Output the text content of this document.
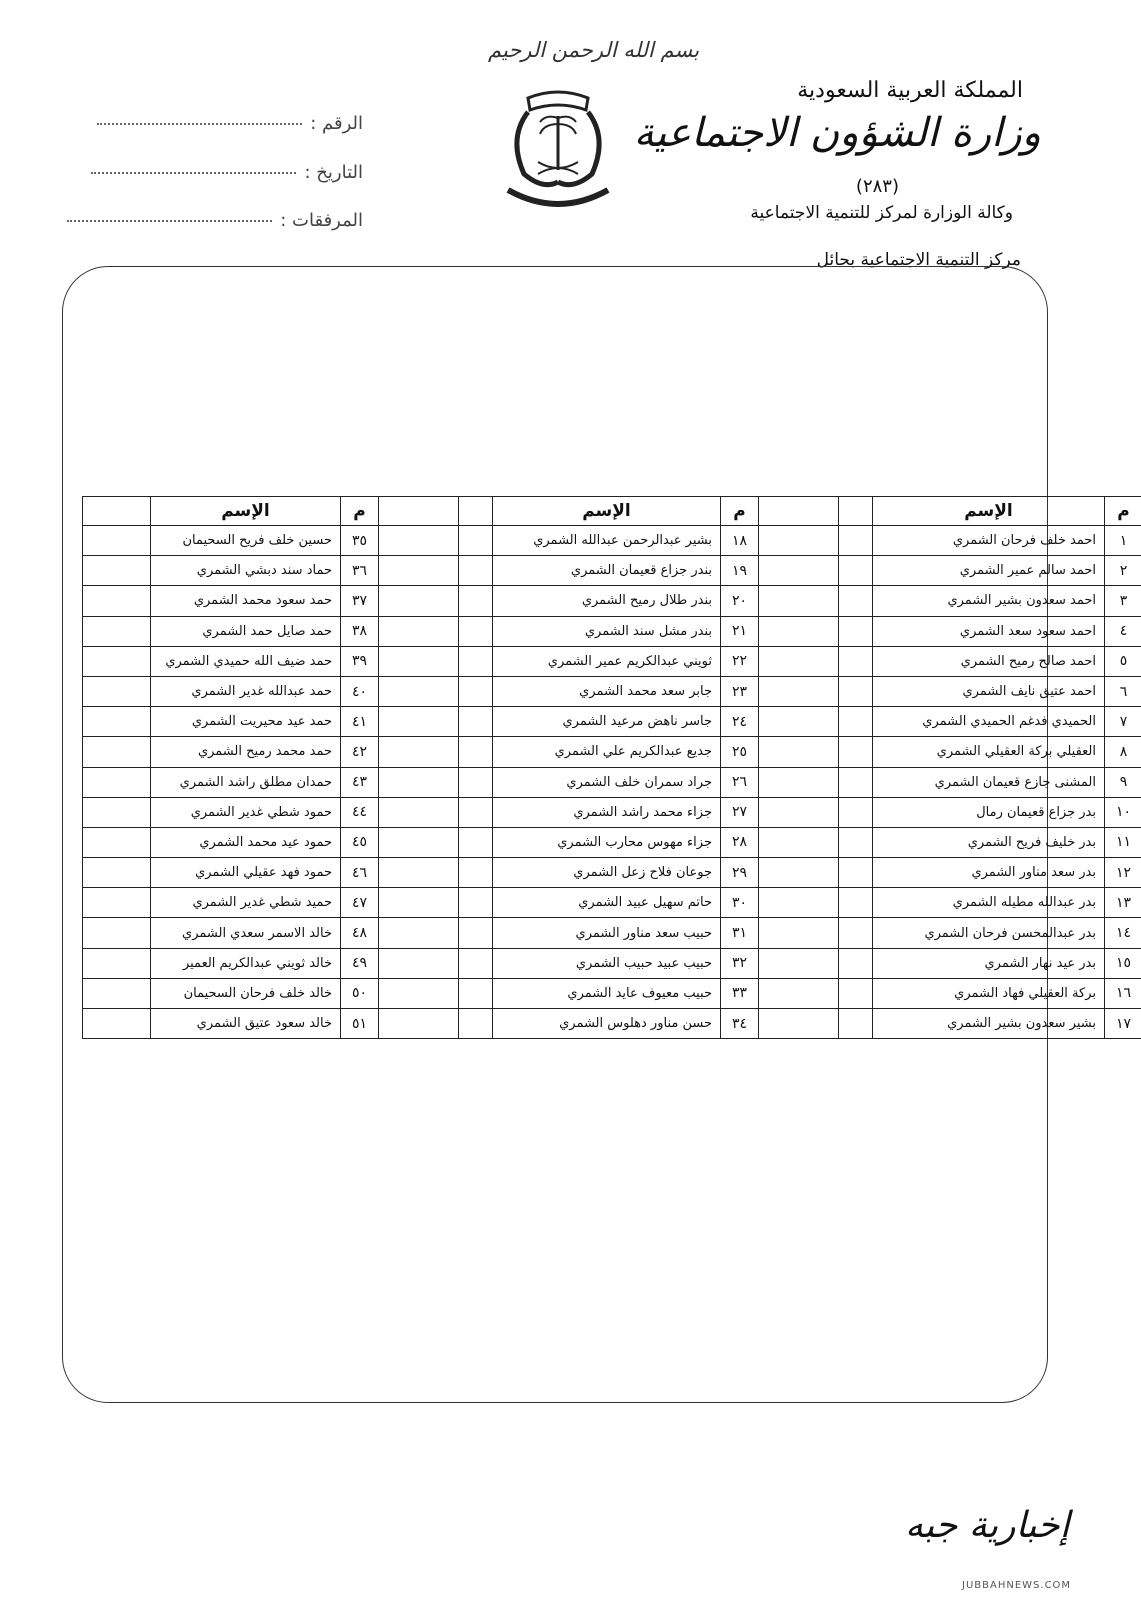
المملكة العربية السعودية
وزارة الشؤون الاجتماعية
(٢٨٣)
وكالة الوزارة لمركز للتنمية الاجتماعية
مركز التنمية الاجتماعية بحائل
الرقم :
التاريخ :
المرفقات :
بسم الله الرحمن الرحيم
م	الإسم			م	الإسم			م	الإسم	
١	احمد خلف فرحان الشمري			١٨	بشير عبدالرحمن عبدالله الشمري			٣٥	حسين خلف فريح السحيمان	
٢	احمد سالم عمير الشمري			١٩	بندر جزاع قعيمان الشمري			٣٦	حماد سند دبشي الشمري	
٣	احمد سعدون بشير الشمري			٢٠	بندر طلال رميح الشمري			٣٧	حمد سعود محمد الشمري	
٤	احمد سعود سعد الشمري			٢١	بندر مشل سند الشمري			٣٨	حمد صايل حمد الشمري	
٥	احمد صالح رميح الشمري			٢٢	ثويني عبدالكريم عمير الشمري			٣٩	حمد ضيف الله حميدي الشمري	
٦	احمد عتيق نايف الشمري			٢٣	جابر سعد محمد الشمري			٤٠	حمد عبدالله غدير الشمري	
٧	الحميدي فدغم الحميدي الشمري			٢٤	جاسر ناهض مرعيد الشمري			٤١	حمد عيد محيريت الشمري	
٨	العقيلي بركة العقيلي الشمري			٢٥	جديع عبدالكريم علي الشمري			٤٢	حمد محمد رميح الشمري	
٩	المشنى جازع قعيمان الشمري			٢٦	جراد سمران خلف الشمري			٤٣	حمدان مطلق راشد الشمري	
١٠	بدر جزاع قعيمان رمال			٢٧	جزاء محمد راشد الشمري			٤٤	حمود شطي غدير الشمري	
١١	بدر خليف فريح الشمري			٢٨	جزاء مهوس محارب الشمري			٤٥	حمود عيد محمد الشمري	
١٢	بدر سعد مناور الشمري			٢٩	جوعان فلاح زعل الشمري			٤٦	حمود فهد عقيلي الشمري	
١٣	بدر عبدالله مطيله الشمري			٣٠	حاتم سهيل عبيد الشمري			٤٧	حميد شطي غدير الشمري	
١٤	بدر عبدالمحسن فرحان الشمري			٣١	حبيب سعد مناور الشمري			٤٨	خالد الاسمر سعدي الشمري	
١٥	بدر عيد نهار الشمري			٣٢	حبيب عبيد حبيب الشمري			٤٩	خالد ثويني عبدالكريم العمير	
١٦	بركة العقيلي فهاد الشمري			٣٣	حبيب معيوف عايد الشمري			٥٠	خالد خلف فرحان السحيمان	
١٧	بشير سعدون بشير الشمري			٣٤	حسن مناور دهلوس الشمري			٥١	خالد سعود عتيق الشمري	
إخبارية جبه
JUBBAHNEWS.COM
